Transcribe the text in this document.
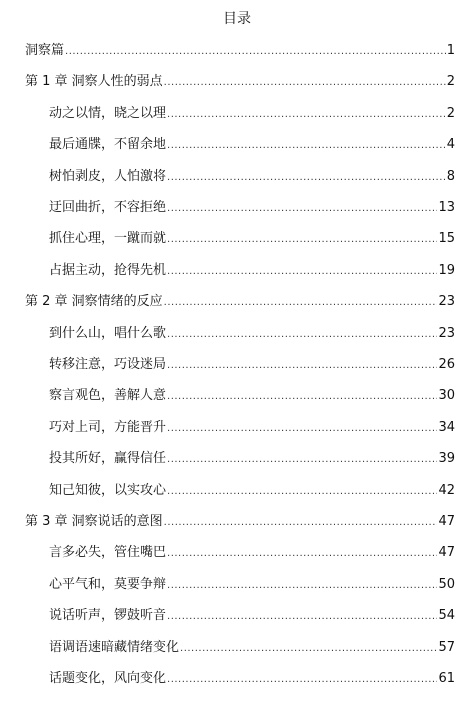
目录
洞察篇 .....	1
第 1 章 洞察人性的弱点 .....	2
动之以情，晓之以理 .....	2
最后通牒，不留余地 .....	4
树怕剥皮，人怕激将 .....	8
迂回曲折，不容拒绝 .....	13
抓住心理，一蹴而就 .....	15
占据主动，抢得先机 .....	19
第 2 章 洞察情绪的反应 .....	23
到什么山，唱什么歌 .....	23
转移注意，巧设迷局 .....	26
察言观色，善解人意 .....	30
巧对上司，方能晋升 .....	34
投其所好，赢得信任 .....	39
知己知彼，以实攻心 .....	42
第 3 章 洞察说话的意图 .....	47
言多必失，管住嘴巴 .....	47
心平气和，莫要争辩 .....	50
说话听声，锣鼓听音 .....	54
语调语速暗藏情绪变化 .....	57
话题变化，风向变化 .....	61
